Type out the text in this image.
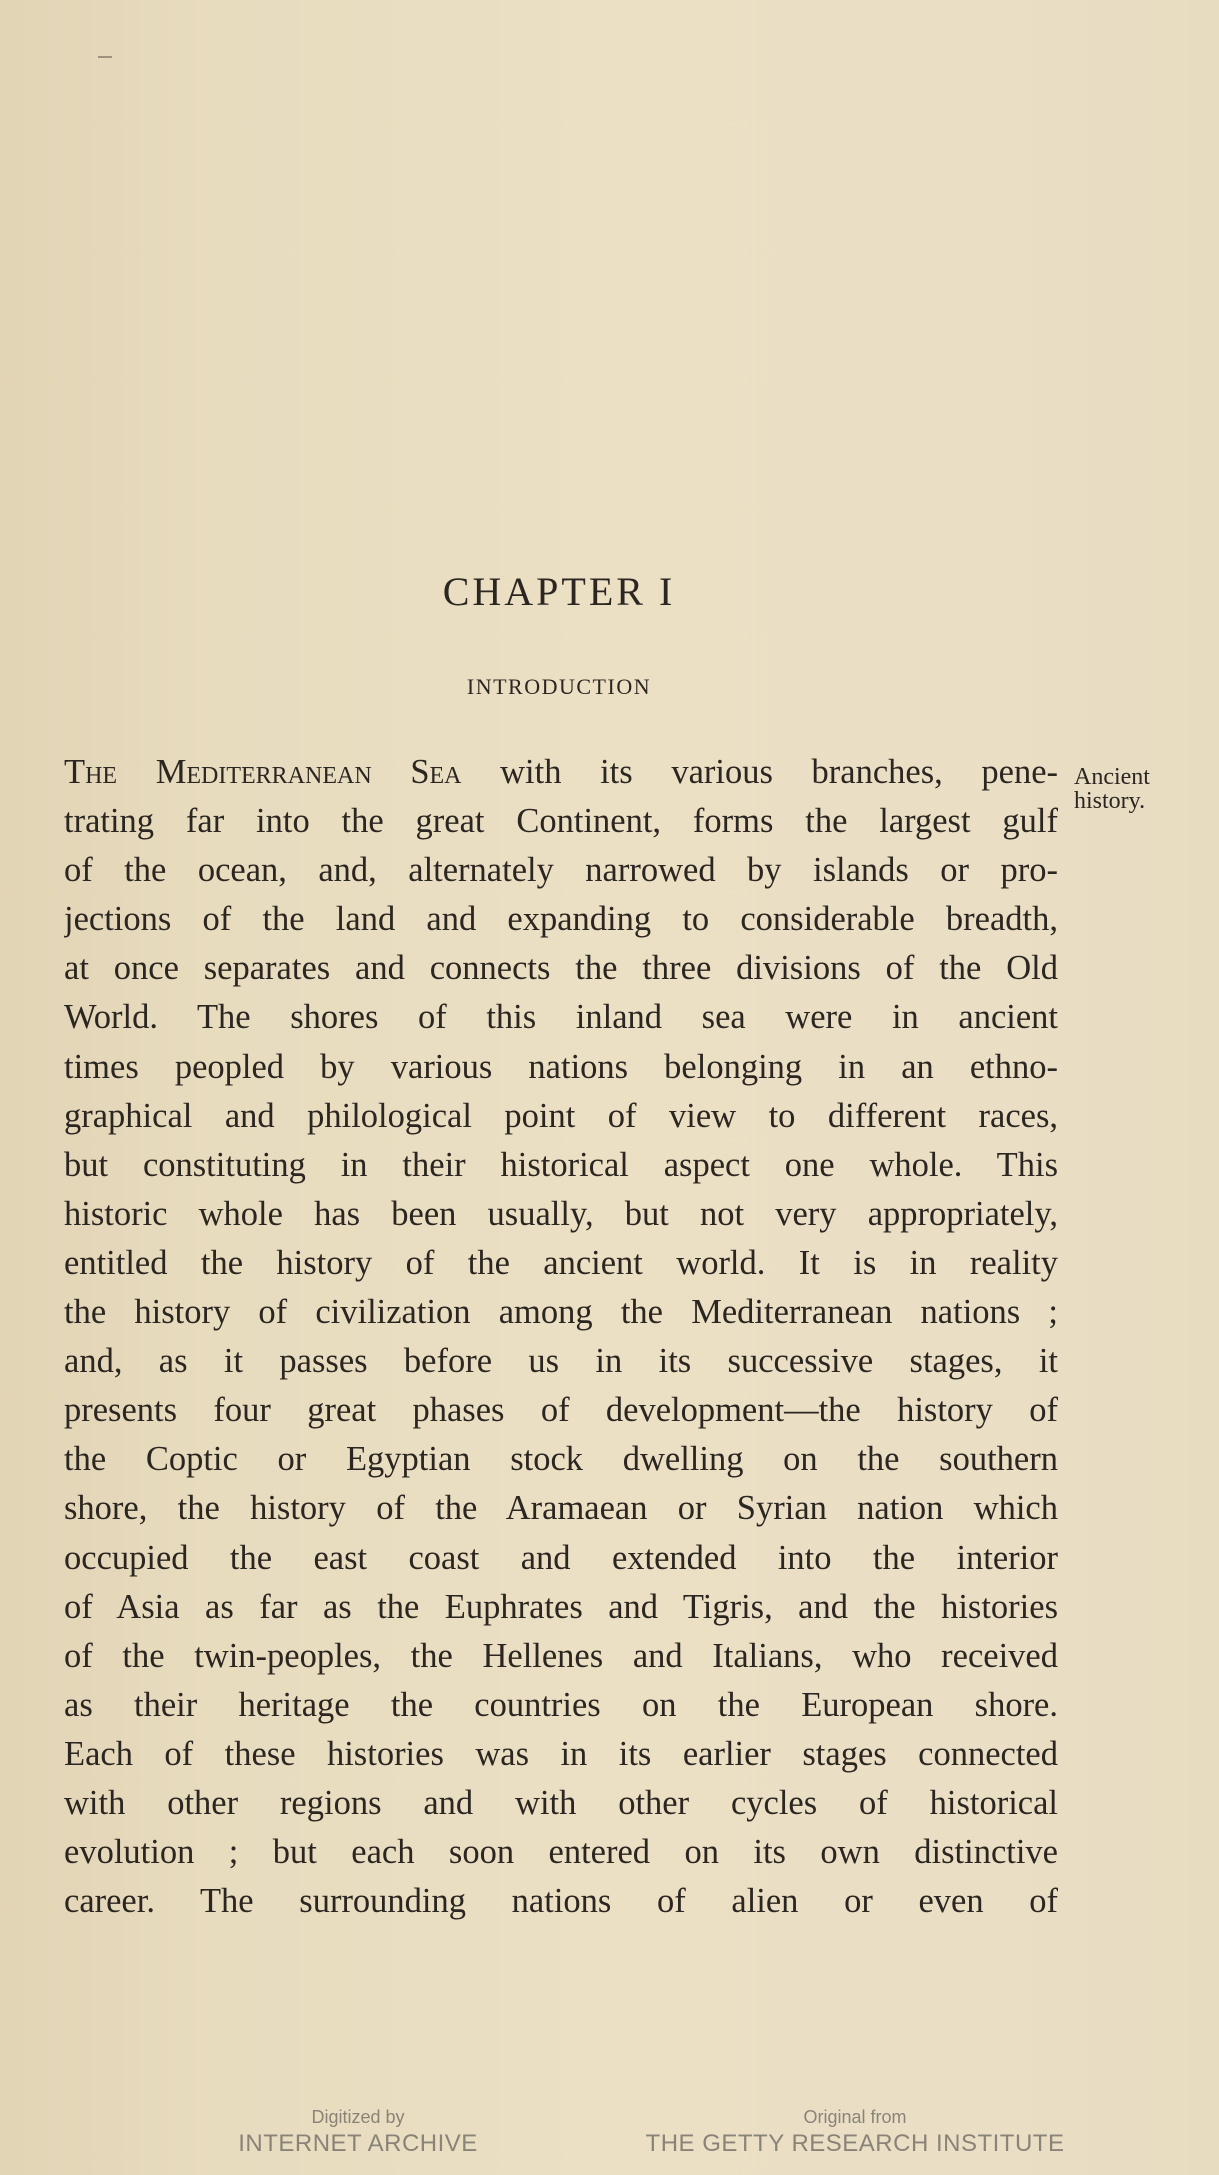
CHAPTER I
INTRODUCTION
The Mediterranean Sea with its various branches, pene-
trating far into the great Continent, forms the largest gulf
of the ocean, and, alternately narrowed by islands or pro-
jections of the land and expanding to considerable breadth,
at once separates and connects the three divisions of the Old
World. The shores of this inland sea were in ancient
times peopled by various nations belonging in an ethno-
graphical and philological point of view to different races,
but constituting in their historical aspect one whole. This
historic whole has been usually, but not very appropriately,
entitled the history of the ancient world. It is in reality
the history of civilization among the Mediterranean nations ;
and, as it passes before us in its successive stages, it
presents four great phases of development—the history of
the Coptic or Egyptian stock dwelling on the southern
shore, the history of the Aramaean or Syrian nation which
occupied the east coast and extended into the interior
of Asia as far as the Euphrates and Tigris, and the histories
of the twin-peoples, the Hellenes and Italians, who received
as their heritage the countries on the European shore.
Each of these histories was in its earlier stages connected
with other regions and with other cycles of historical
evolution ; but each soon entered on its own distinctive
career. The surrounding nations of alien or even of
Ancient
history.
Digitized by
INTERNET ARCHIVE
Original from
THE GETTY RESEARCH INSTITUTE
